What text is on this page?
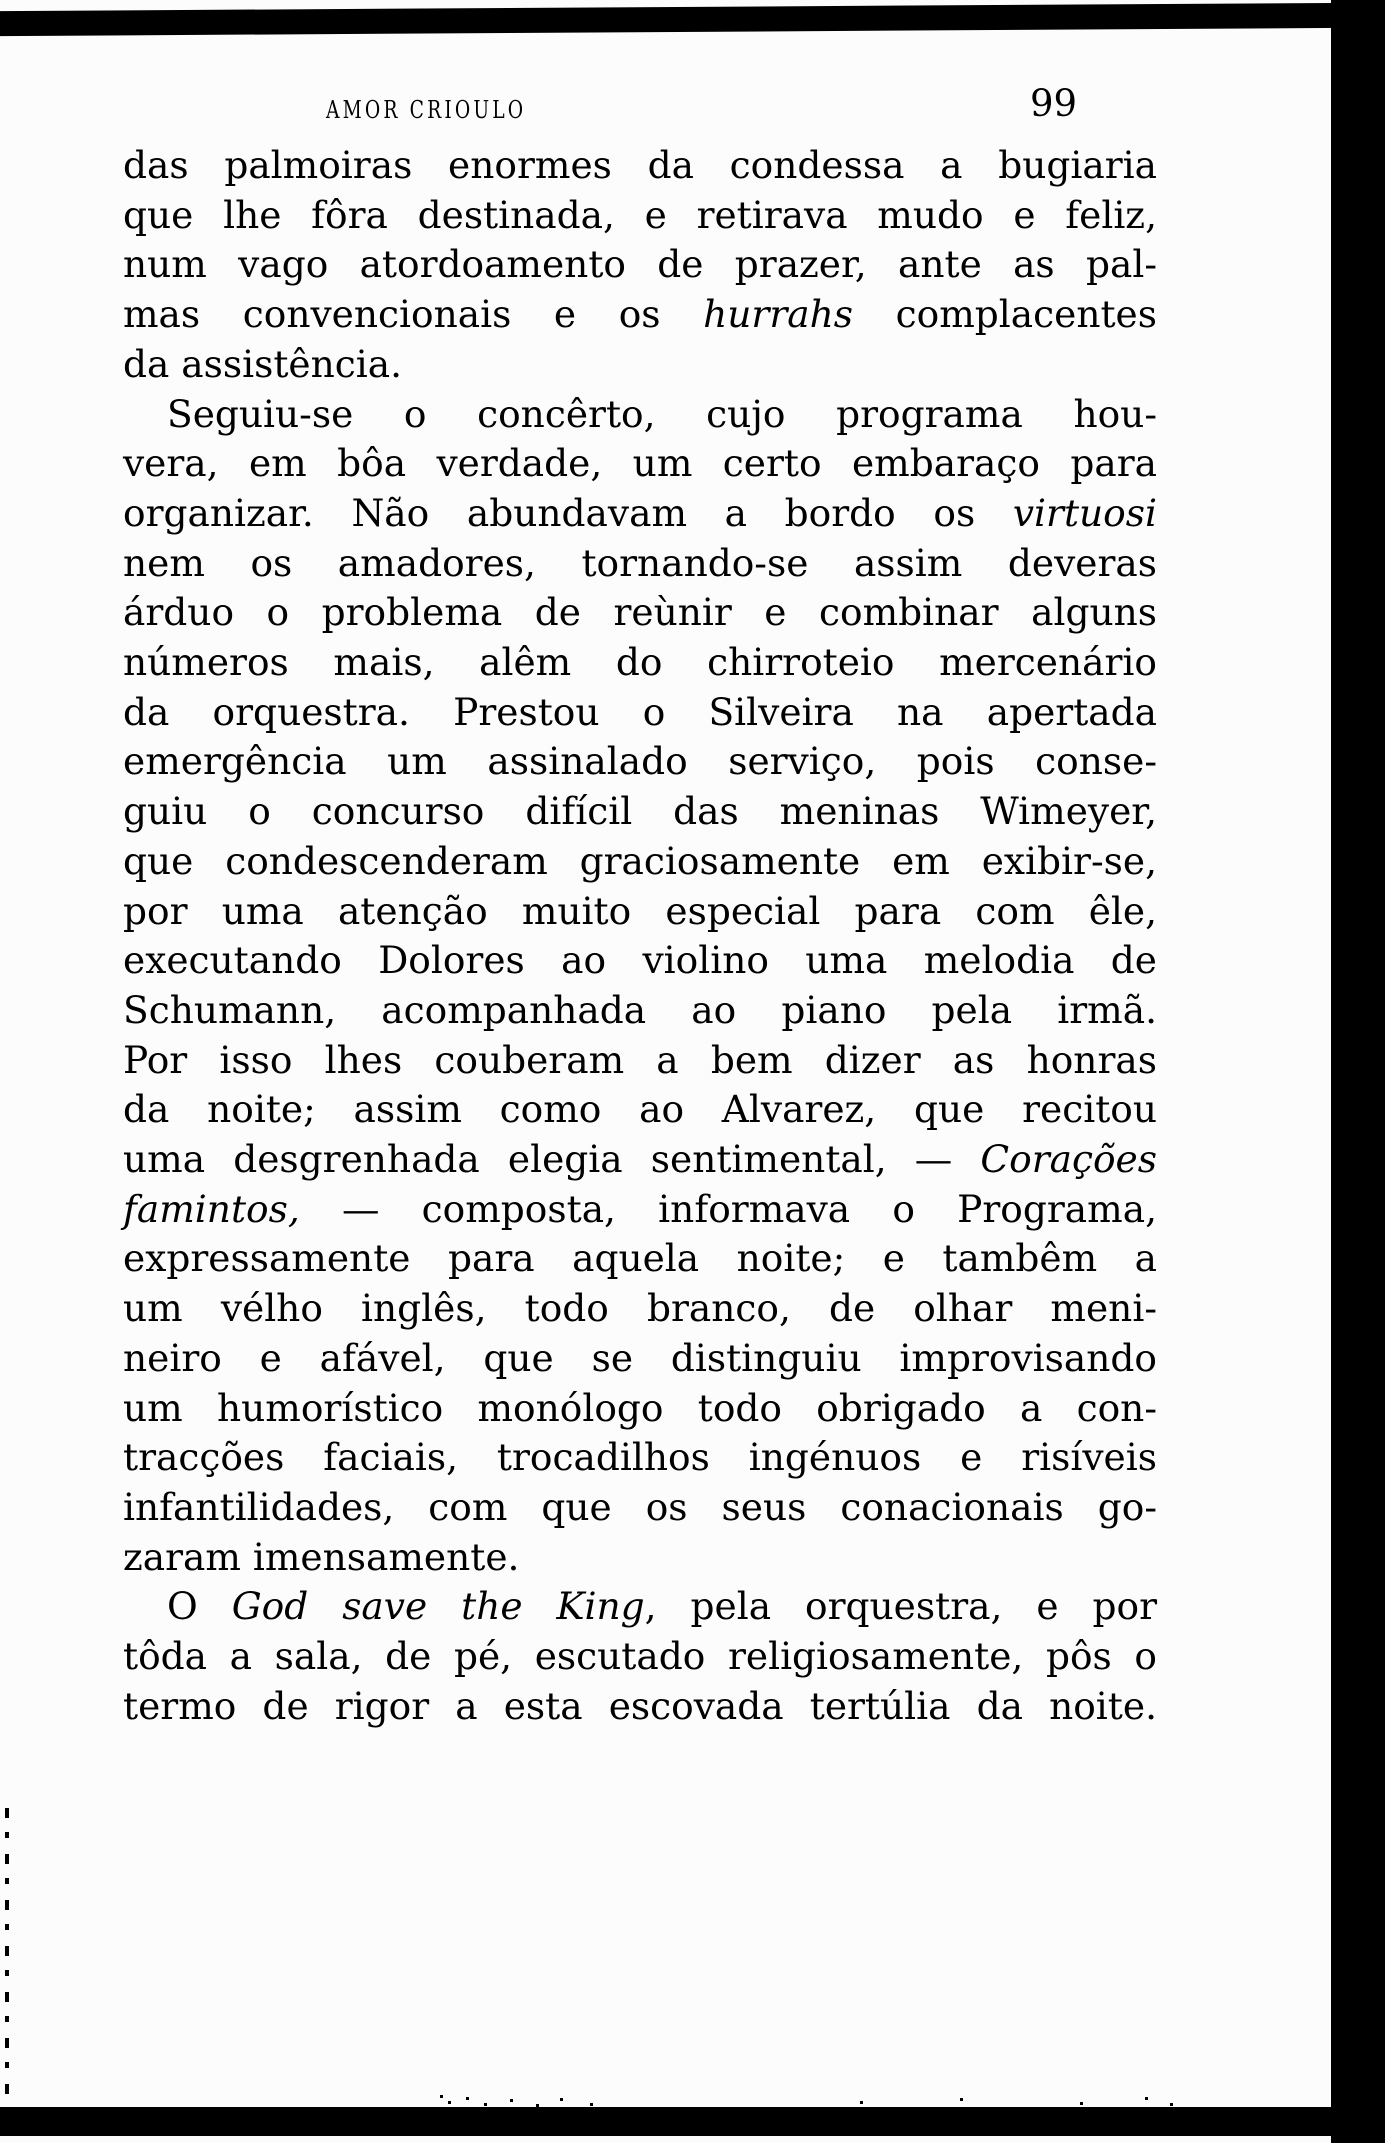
AMOR CRIOULO	99
das palmoiras enormes da condessa a bugiaria
que lhe fôra destinada, e retirava mudo e feliz,
num vago atordoamento de prazer, ante as pal-
mas convencionais e os hurrahs complacentes
da assistência.
Seguiu-se o concêrto, cujo programa hou-
vera, em bôa verdade, um certo embaraço para
organizar. Não abundavam a bordo os virtuosi
nem os amadores, tornando-se assim deveras
árduo o problema de reùnir e combinar alguns
números mais, alêm do chirroteio mercenário
da orquestra. Prestou o Silveira na apertada
emergência um assinalado serviço, pois conse-
guiu o concurso difícil das meninas Wimeyer,
que condescenderam graciosamente em exibir-se,
por uma atenção muito especial para com êle,
executando Dolores ao violino uma melodia de
Schumann, acompanhada ao piano pela irmã.
Por isso lhes couberam a bem dizer as honras
da noite; assim como ao Alvarez, que recitou
uma desgrenhada elegia sentimental, — Corações
famintos, — composta, informava o Programa,
expressamente para aquela noite; e tambêm a
um vélho inglês, todo branco, de olhar meni-
neiro e afável, que se distinguiu improvisando
um humorístico monólogo todo obrigado a con-
tracções faciais, trocadilhos ingénuos e risíveis
infantilidades, com que os seus conacionais go-
zaram imensamente.
O God save the King, pela orquestra, e por
tôda a sala, de pé, escutado religiosamente, pôs o
termo de rigor a esta escovada tertúlia da noite.
